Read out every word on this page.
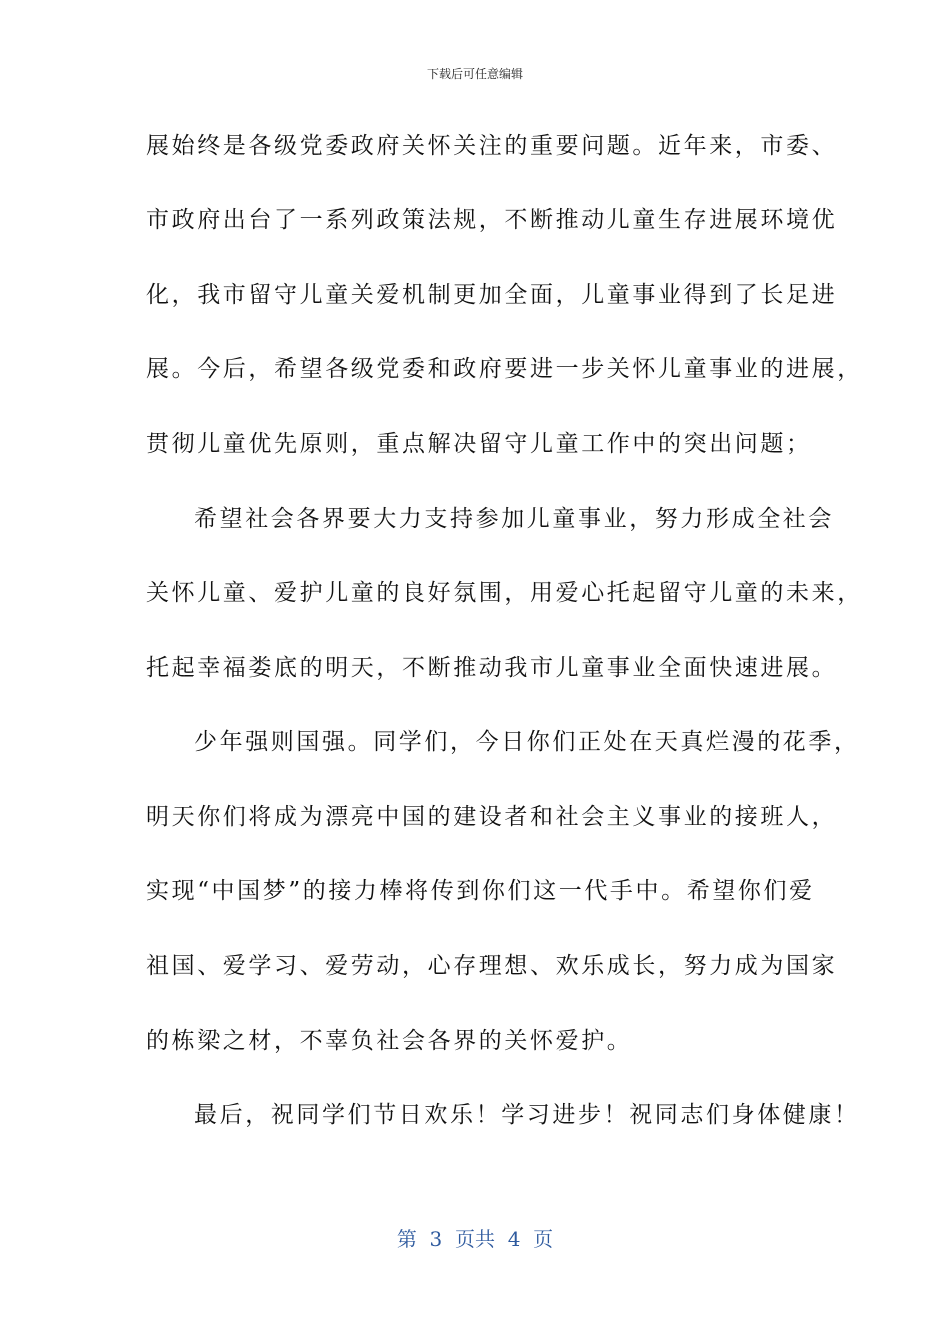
下载后可任意编辑
展始终是各级党委政府关怀关注的重要问题。近年来，市委、
市政府出台了一系列政策法规，不断推动儿童生存进展环境优
化，我市留守儿童关爱机制更加全面，儿童事业得到了长足进
展。今后，希望各级党委和政府要进一步关怀儿童事业的进展，
贯彻儿童优先原则，重点解决留守儿童工作中的突出问题；
希望社会各界要大力支持参加儿童事业，努力形成全社会
关怀儿童、爱护儿童的良好氛围，用爱心托起留守儿童的未来，
托起幸福娄底的明天，不断推动我市儿童事业全面快速进展。
少年强则国强。同学们，今日你们正处在天真烂漫的花季，
明天你们将成为漂亮中国的建设者和社会主义事业的接班人，
实现“中国梦”的接力棒将传到你们这一代手中。希望你们爱
祖国、爱学习、爱劳动，心存理想、欢乐成长，努力成为国家
的栋梁之材，不辜负社会各界的关怀爱护。
最后，祝同学们节日欢乐！学习进步！祝同志们身体健康！
第  3  页共  4  页
